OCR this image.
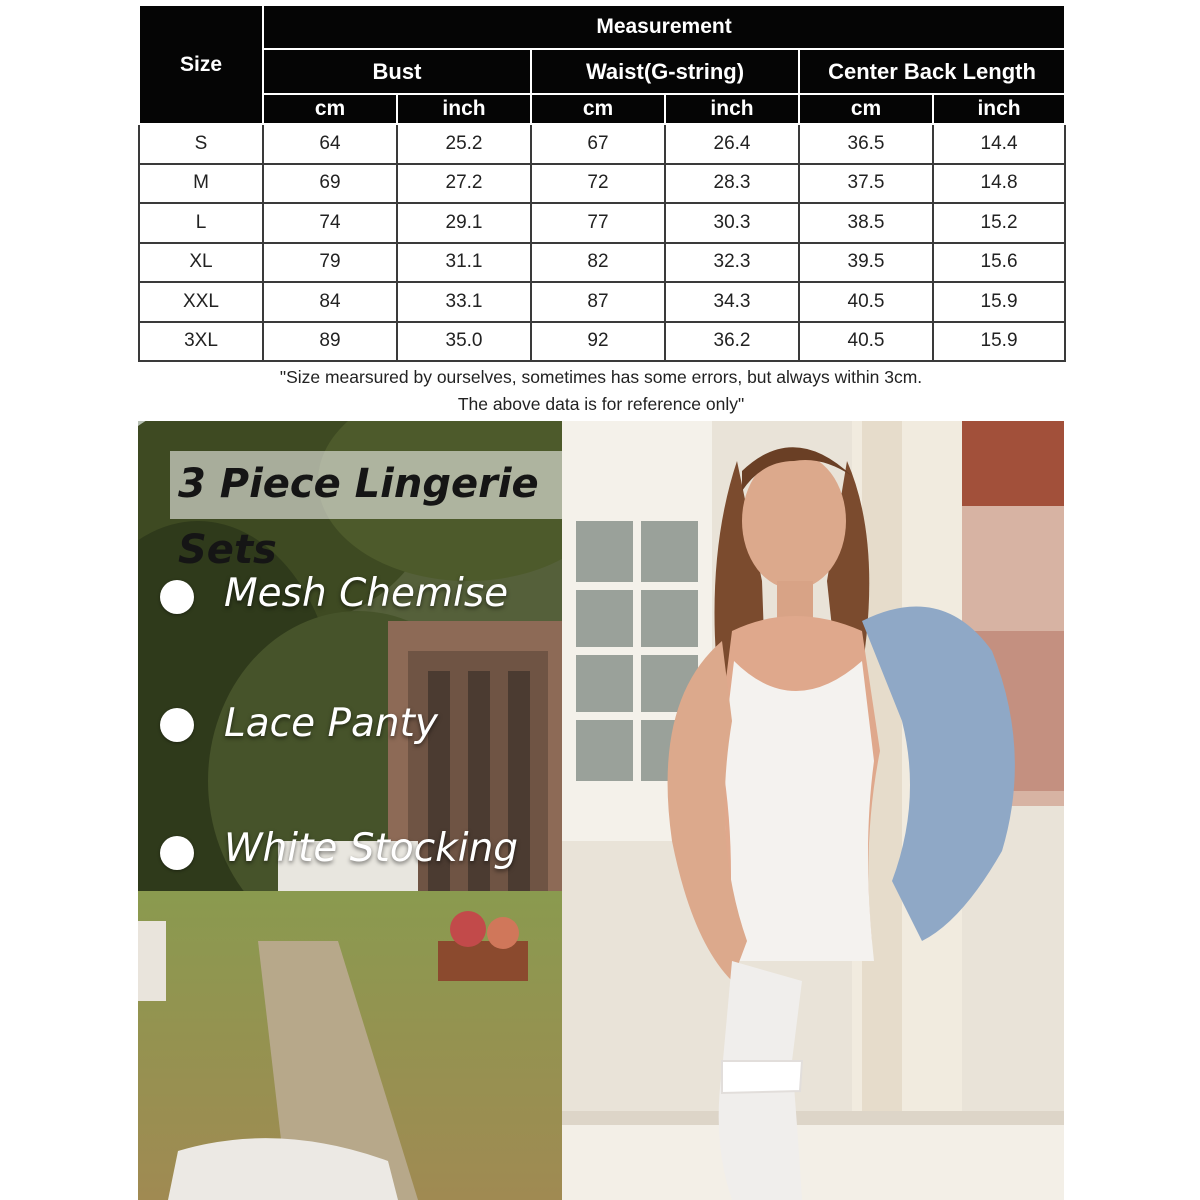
Size	Measurement					
	Bust		Waist(G-string)		Center Back Length	
	cm	inch	cm	inch	cm	inch
S	64	25.2	67	26.4	36.5	14.4
M	69	27.2	72	28.3	37.5	14.8
L	74	29.1	77	30.3	38.5	15.2
XL	79	31.1	82	32.3	39.5	15.6
XXL	84	33.1	87	34.3	40.5	15.9
3XL	89	35.0	92	36.2	40.5	15.9
"Size mearsured by ourselves, sometimes has some errors, but always within 3cm.
The above data is for reference only"
3 Piece Lingerie Sets
Mesh Chemise
Lace Panty
White Stocking
